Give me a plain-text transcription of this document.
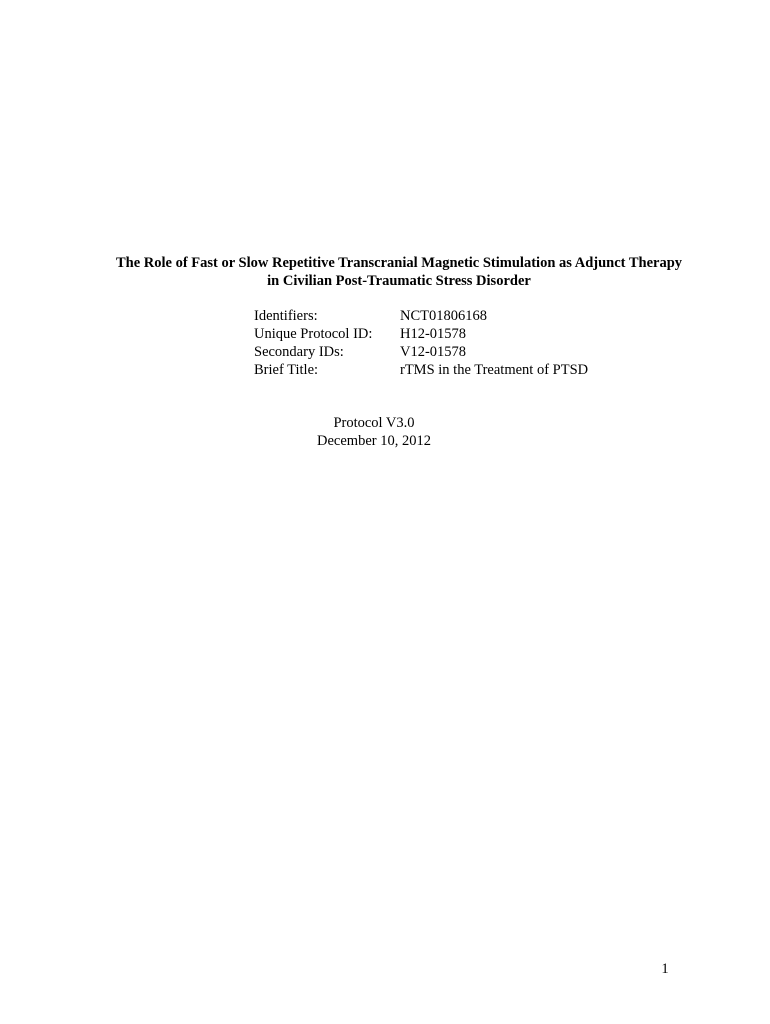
The Role of Fast or Slow Repetitive Transcranial Magnetic Stimulation as Adjunct Therapy
in Civilian Post-Traumatic Stress Disorder
Identifiers:	NCT01806168
Unique Protocol ID:	H12-01578
Secondary IDs:	V12-01578
Brief Title:	rTMS in the Treatment of PTSD
Protocol V3.0
December 10, 2012
1
